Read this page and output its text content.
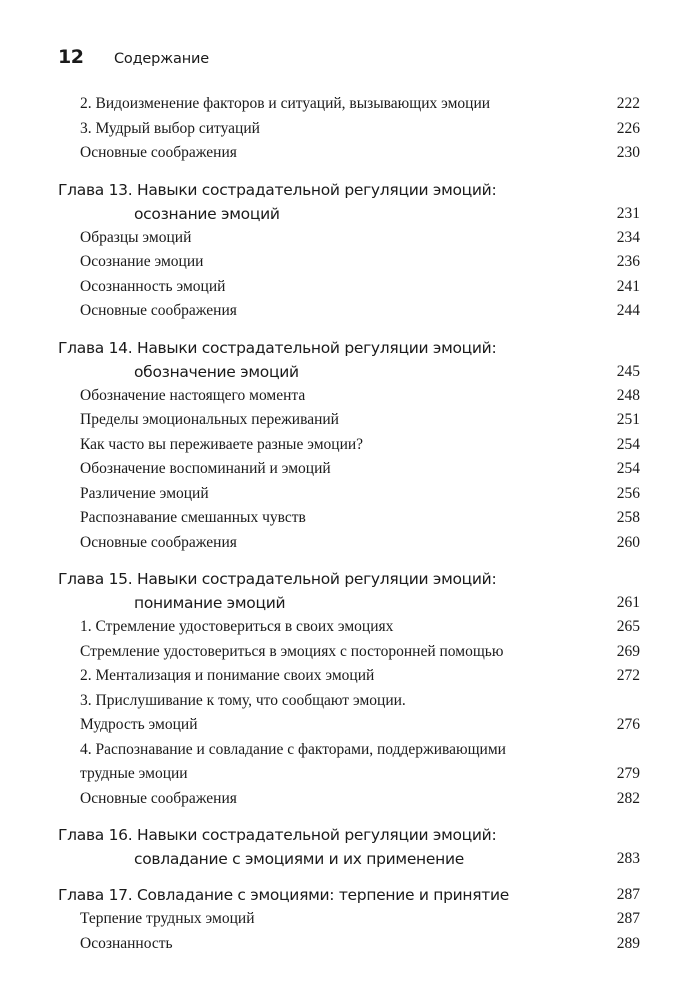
12	Содержание
2. Видоизменение факторов и ситуаций, вызывающих эмоции	222
3. Мудрый выбор ситуаций	226
Основные соображения	230
Глава 13. Навыки сострадательной регуляции эмоций:
осознание эмоций	231
Образцы эмоций	234
Осознание эмоции	236
Осознанность эмоций	241
Основные соображения	244
Глава 14. Навыки сострадательной регуляции эмоций:
обозначение эмоций	245
Обозначение настоящего момента	248
Пределы эмоциональных переживаний	251
Как часто вы переживаете разные эмоции?	254
Обозначение воспоминаний и эмоций	254
Различение эмоций	256
Распознавание смешанных чувств	258
Основные соображения	260
Глава 15. Навыки сострадательной регуляции эмоций:
понимание эмоций	261
1. Стремление удостовериться в своих эмоциях	265
Стремление удостовериться в эмоциях с посторонней помощью	269
2. Ментализация и понимание своих эмоций	272
3. Прислушивание к тому, что сообщают эмоции.
Мудрость эмоций	276
4. Распознавание и совладание с факторами, поддерживающими
трудные эмоции	279
Основные соображения	282
Глава 16. Навыки сострадательной регуляции эмоций:
совладание с эмоциями и их применение	283
Глава 17. Совладание с эмоциями: терпение и принятие	287
Терпение трудных эмоций	287
Осознанность	289
